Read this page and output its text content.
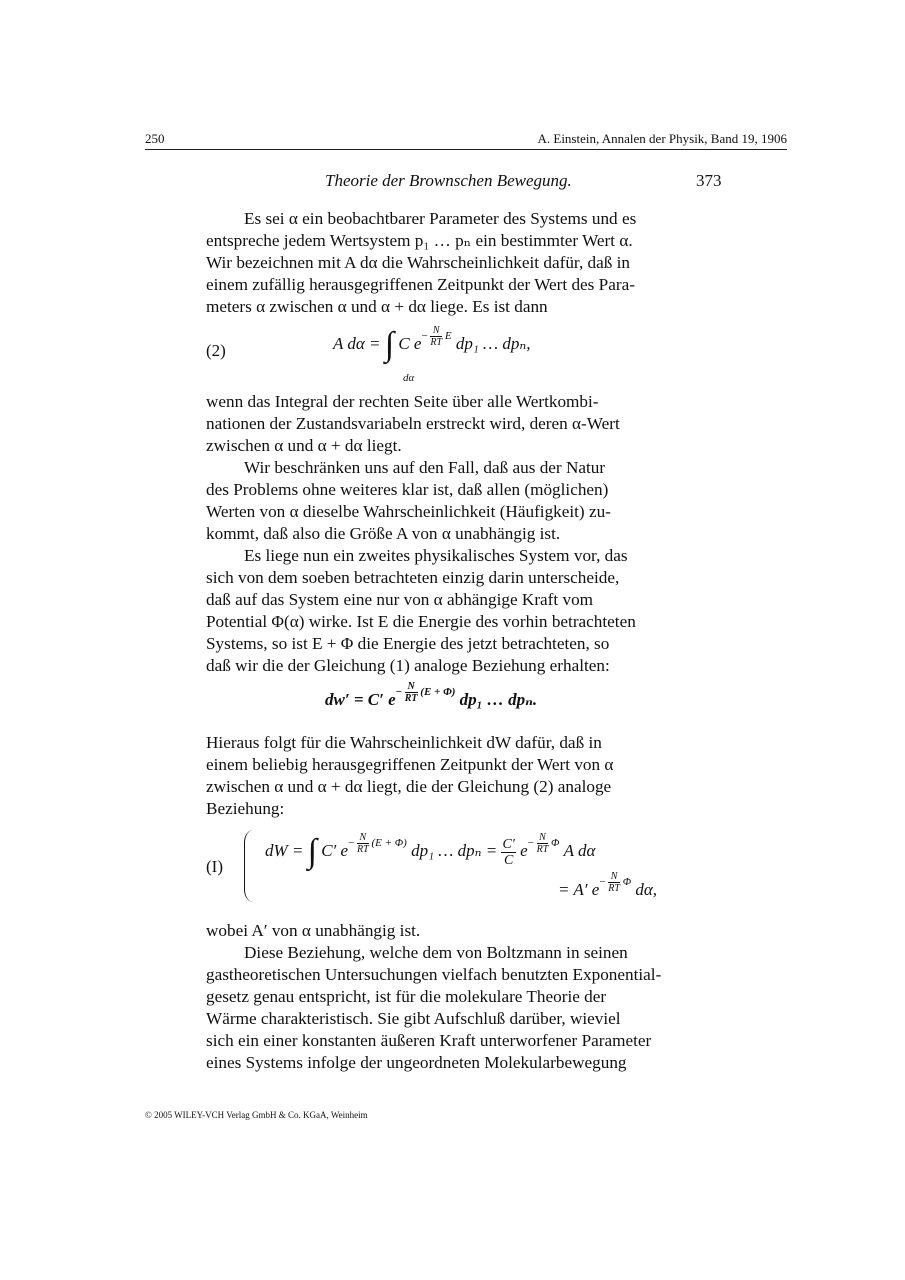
250	A. Einstein, Annalen der Physik, Band 19, 1906
Theorie der Brownschen Bewegung.	373

Es sei α ein beobachtbarer Parameter des Systems und es

entspreche jedem Wertsystem p₁ … pₙ ein bestimmter Wert α.

Wir bezeichnen mit A dα die Wahrscheinlichkeit dafür, daß in

einem zufällig herausgegriffenen Zeitpunkt der Wert des Para-

meters α zwischen α und α + dα liege. Es ist dann

(2)	A dα = ∫ C $e^{- \frac{N}{RT} E}$ dp₁ … dpₙ,
dα

wenn das Integral der rechten Seite über alle Wertkombi-

nationen der Zustandsvariabeln erstreckt wird, deren α-Wert

zwischen α und α + dα liegt.

Wir beschränken uns auf den Fall, daß aus der Natur

des Problems ohne weiteres klar ist, daß allen (möglichen)

Werten von α dieselbe Wahrscheinlichkeit (Häufigkeit) zu-

kommt, daß also die Größe A von α unabhängig ist.

Es liege nun ein zweites physikalisches System vor, das

sich von dem soeben betrachteten einzig darin unterscheide,

daß auf das System eine nur von α abhängige Kraft vom

Potential Φ(α) wirke. Ist E die Energie des vorhin betrachteten

Systems, so ist E + Φ die Energie des jetzt betrachteten, so

daß wir die der Gleichung (1) analoge Beziehung erhalten:

dw′ = C′ $e^{- \frac{N}{RT} (E + \Phi)}$ dp₁ … dpₙ.

Hieraus folgt für die Wahrscheinlichkeit dW dafür, daß in

einem beliebig herausgegriffenen Zeitpunkt der Wert von α

zwischen α und α + dα liegt, die der Gleichung (2) analoge

Beziehung:

(I)
dW = ∫ C′ $e^{- \frac{N}{RT} (E + \Phi)}$ dp₁ … $dp_n = \frac{C'}{C} e^{- \frac{N}{RT} \Phi}$ A dα
= A′ $e^{- \frac{N}{RT} \Phi}$ dα,

wobei A′ von α unabhängig ist.

Diese Beziehung, welche dem von Boltzmann in seinen

gastheoretischen Untersuchungen vielfach benutzten Exponential-

gesetz genau entspricht, ist für die molekulare Theorie der

Wärme charakteristisch. Sie gibt Aufschluß darüber, wieviel

sich ein einer konstanten äußeren Kraft unterworfener Parameter

eines Systems infolge der ungeordneten Molekularbewegung

© 2005 WILEY-VCH Verlag GmbH & Co. KGaA, Weinheim
